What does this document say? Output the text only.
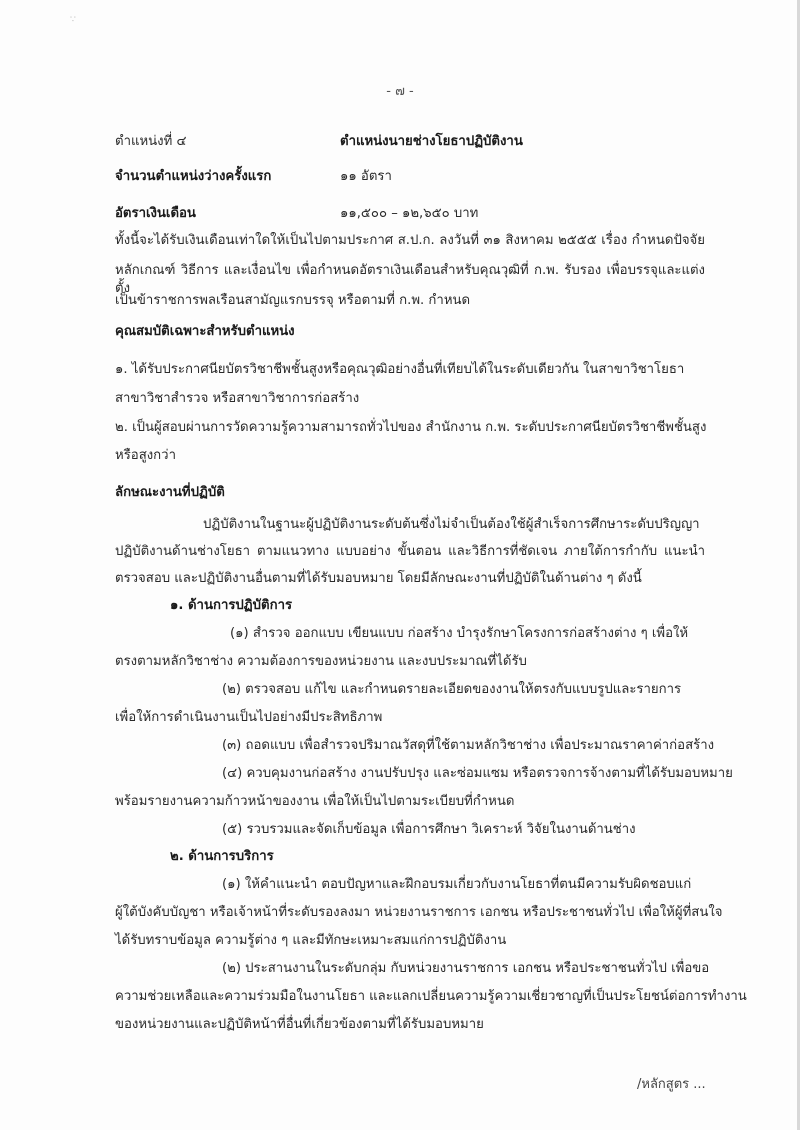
∵
- ๗ -
ตำแหน่งที่ ๔	ตำแหน่งนายช่างโยธาปฏิบัติงาน
จำนวนตำแหน่งว่างครั้งแรก	๑๑ อัตรา
อัตราเงินเดือน	๑๑,๕๐๐ – ๑๒,๖๕๐ บาท
ทั้งนี้จะได้รับเงินเดือนเท่าใดให้เป็นไปตามประกาศ ส.ป.ก. ลงวันที่ ๓๑ สิงหาคม ๒๕๕๕ เรื่อง กำหนดปัจจัย
หลักเกณฑ์ วิธีการ และเงื่อนไข เพื่อกำหนดอัตราเงินเดือนสำหรับคุณวุฒิที่ ก.พ. รับรอง เพื่อบรรจุและแต่งตั้ง
เป็นข้าราชการพลเรือนสามัญแรกบรรจุ หรือตามที่ ก.พ. กำหนด
คุณสมบัติเฉพาะสำหรับตำแหน่ง
๑. ได้รับประกาศนียบัตรวิชาชีพชั้นสูงหรือคุณวุฒิอย่างอื่นที่เทียบได้ในระดับเดียวกัน ในสาขาวิชาโยธา
สาขาวิชาสำรวจ หรือสาขาวิชาการก่อสร้าง
๒. เป็นผู้สอบผ่านการวัดความรู้ความสามารถทั่วไปของ สำนักงาน ก.พ. ระดับประกาศนียบัตรวิชาชีพชั้นสูง
หรือสูงกว่า
ลักษณะงานที่ปฏิบัติ
ปฏิบัติงานในฐานะผู้ปฏิบัติงานระดับต้นซึ่งไม่จำเป็นต้องใช้ผู้สำเร็จการศึกษาระดับปริญญา
ปฏิบัติงานด้านช่างโยธา ตามแนวทาง แบบอย่าง ขั้นตอน และวิธีการที่ชัดเจน ภายใต้การกำกับ แนะนำ
ตรวจสอบ และปฏิบัติงานอื่นตามที่ได้รับมอบหมาย โดยมีลักษณะงานที่ปฏิบัติในด้านต่าง ๆ ดังนี้
๑. ด้านการปฏิบัติการ
(๑) สำรวจ ออกแบบ เขียนแบบ ก่อสร้าง บำรุงรักษาโครงการก่อสร้างต่าง ๆ เพื่อให้
ตรงตามหลักวิชาช่าง ความต้องการของหน่วยงาน และงบประมาณที่ได้รับ
(๒) ตรวจสอบ แก้ไข และกำหนดรายละเอียดของงานให้ตรงกับแบบรูปและรายการ
เพื่อให้การดำเนินงานเป็นไปอย่างมีประสิทธิภาพ
(๓) ถอดแบบ เพื่อสำรวจปริมาณวัสดุที่ใช้ตามหลักวิชาช่าง เพื่อประมาณราคาค่าก่อสร้าง
(๔) ควบคุมงานก่อสร้าง งานปรับปรุง และซ่อมแซม หรือตรวจการจ้างตามที่ได้รับมอบหมาย
พร้อมรายงานความก้าวหน้าของงาน เพื่อให้เป็นไปตามระเบียบที่กำหนด
(๕) รวบรวมและจัดเก็บข้อมูล เพื่อการศึกษา วิเคราะห์ วิจัยในงานด้านช่าง
๒. ด้านการบริการ
(๑) ให้คำแนะนำ ตอบปัญหาและฝึกอบรมเกี่ยวกับงานโยธาที่ตนมีความรับผิดชอบแก่
ผู้ใต้บังคับบัญชา หรือเจ้าหน้าที่ระดับรองลงมา หน่วยงานราชการ เอกชน หรือประชาชนทั่วไป เพื่อให้ผู้ที่สนใจ
ได้รับทราบข้อมูล ความรู้ต่าง ๆ และมีทักษะเหมาะสมแก่การปฏิบัติงาน
(๒) ประสานงานในระดับกลุ่ม กับหน่วยงานราชการ เอกชน หรือประชาชนทั่วไป เพื่อขอ
ความช่วยเหลือและความร่วมมือในงานโยธา และแลกเปลี่ยนความรู้ความเชี่ยวชาญที่เป็นประโยชน์ต่อการทำงาน
ของหน่วยงานและปฏิบัติหน้าที่อื่นที่เกี่ยวข้องตามที่ได้รับมอบหมาย
/หลักสูตร ...
